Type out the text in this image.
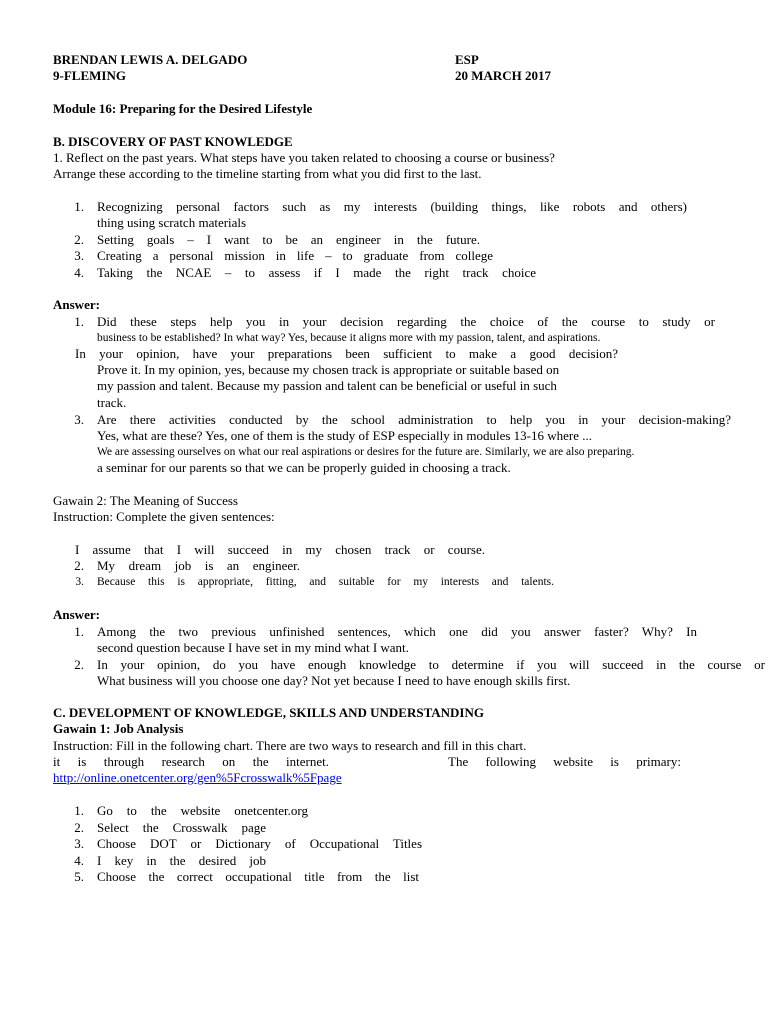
BRENDAN LEWIS A. DELGADO
9-FLEMING
ESP
20 MARCH 2017
Module 16: Preparing for the Desired Lifestyle
B. DISCOVERY OF PAST KNOWLEDGE
1. Reflect on the past years. What steps have you taken related to choosing a course or business?
Arrange these according to the timeline starting from what you did first to the last.
1. Recognizing personal factors such as my interests (building things, like robots and others)
thing using scratch materials
2. Setting goals – I want to be an engineer in the future.
3. Creating a personal mission in life – to graduate from college
4. Taking the NCAE – to assess if I made the right track choice
Answer:
1. Did these steps help you in your decision regarding the choice of the course to study or
business to be established? In what way? Yes, because it aligns more with my passion, talent, and aspirations.
In your opinion, have your preparations been sufficient to make a good decision?
Prove it. In my opinion, yes, because my chosen track is appropriate or suitable based on
my passion and talent. Because my passion and talent can be beneficial or useful in such
track.
3. Are there activities conducted by the school administration to help you in your decision-making?
Yes, what are these? Yes, one of them is the study of ESP especially in modules 13-16 where ...
We are assessing ourselves on what our real aspirations or desires for the future are. Similarly, we are also preparing.
a seminar for our parents so that we can be properly guided in choosing a track.
Gawain 2: The Meaning of Success
Instruction: Complete the given sentences:
I assume that I will succeed in my chosen track or course.
2. My dream job is an engineer.
3. Because this is appropriate, fitting, and suitable for my interests and talents.
Answer:
1. Among the two previous unfinished sentences, which one did you answer faster? Why? In
second question because I have set in my mind what I want.
2. In your opinion, do you have enough knowledge to determine if you will succeed in the course or
What business will you choose one day? Not yet because I need to have enough skills first.
C. DEVELOPMENT OF KNOWLEDGE, SKILLS AND UNDERSTANDING
Gawain 1: Job Analysis
Instruction: Fill in the following chart. There are two ways to research and fill in this chart.
it is through research on the internet.	The following website is primary:
http://online.onetcenter.org/gen%5Fcrosswalk%5Fpage
1. Go to the website onetcenter.org
2. Select the Crosswalk page
3. Choose DOT or Dictionary of Occupational Titles
4. I key in the desired job
5. Choose the correct occupational title from the list
